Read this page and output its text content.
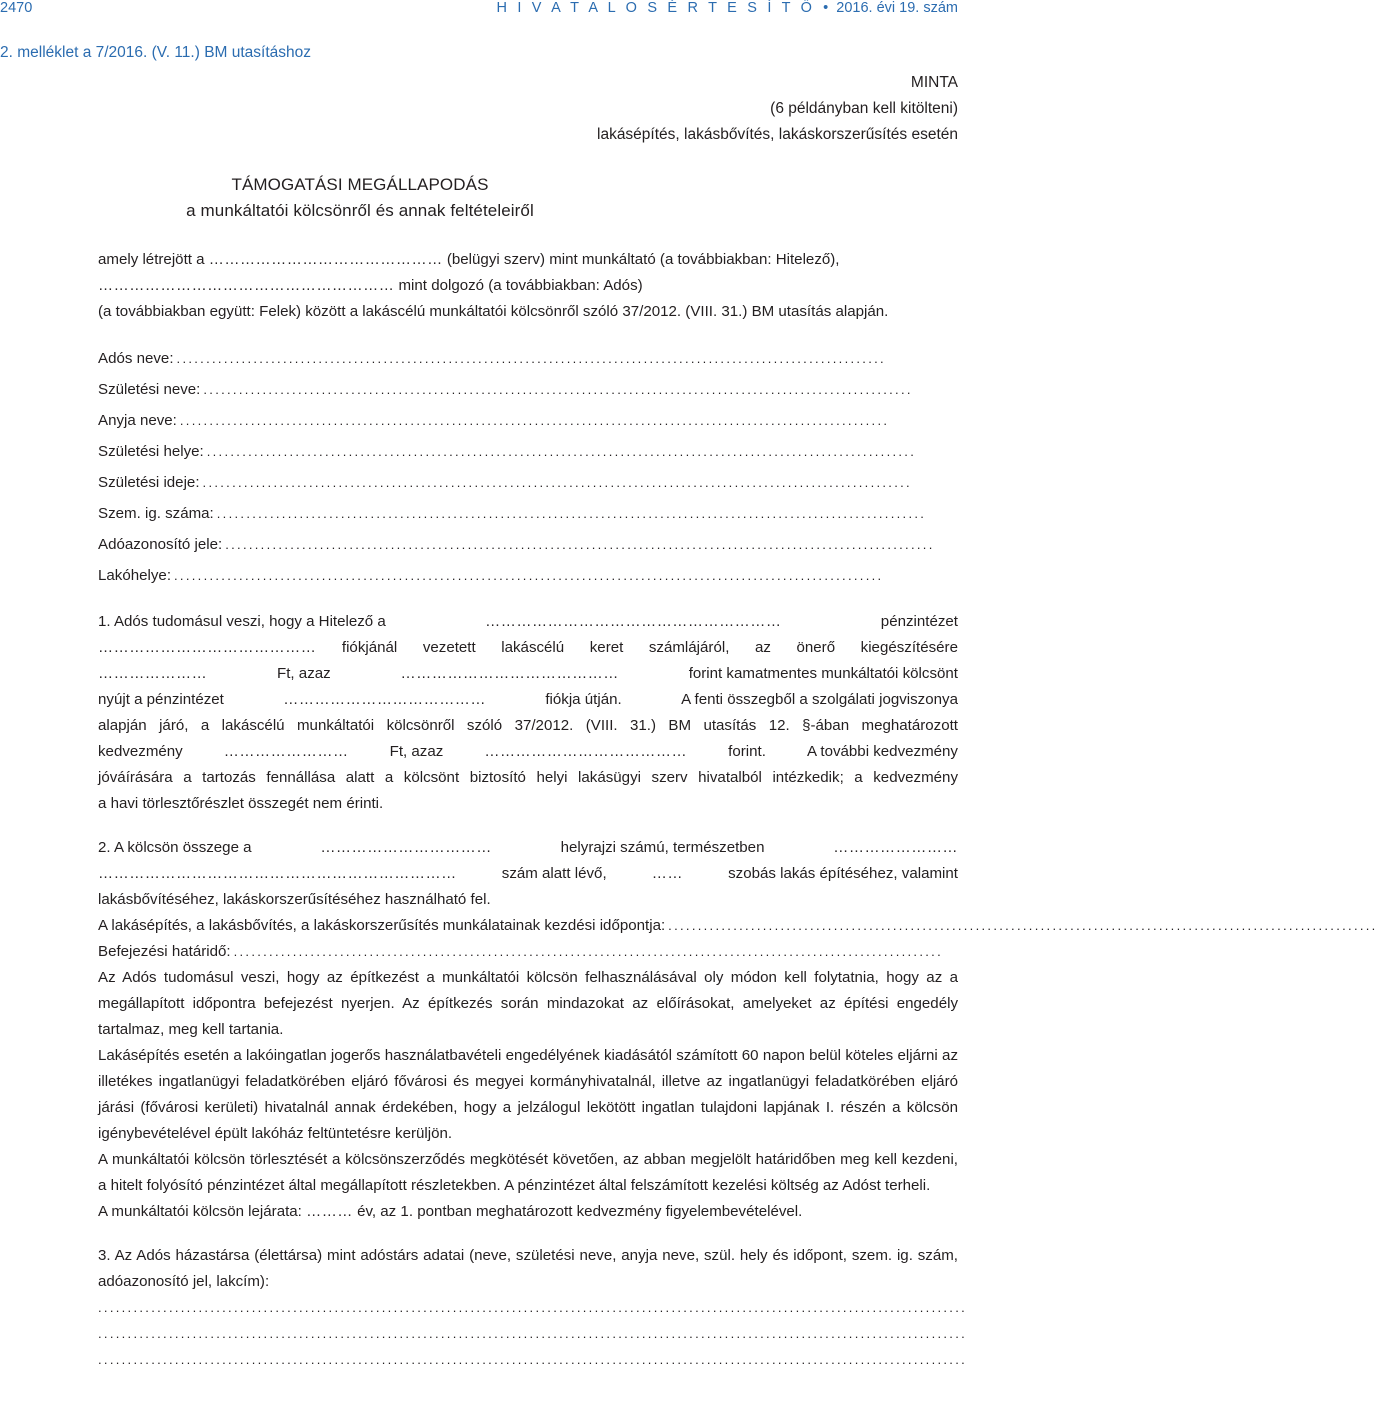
2470	H I V A T A L O S É R T E S Í T Ő • 2016. évi 19. szám
2. melléklet a 7/2016. (V. 11.) BM utasításhoz
MINTA
(6 példányban kell kitölteni)
lakásépítés, lakásbővítés, lakáskorszerűsítés esetén
TÁMOGATÁSI MEGÁLLAPODÁS
a munkáltatói kölcsönről és annak feltételeiről
amely létrejött a ……………………………………… (belügyi szerv) mint munkáltató (a továbbiakban: Hitelező),
………………………………………………… mint dolgozó (a továbbiakban: Adós)
(a továbbiakban együtt: Felek) között a lakáscélú munkáltatói kölcsönről szóló 37/2012. (VIII. 31.) BM utasítás alapján.
Adós neve: ........................................................................................................................
Születési neve: ........................................................................................................................
Anyja neve: ........................................................................................................................
Születési helye: ........................................................................................................................
Születési ideje: ........................................................................................................................
Szem. ig. száma: ........................................................................................................................
Adóazonosító jele: ........................................................................................................................
Lakóhelye: ........................................................................................................................
1. Adós tudomásul veszi, hogy a Hitelező a	…………………………………………………	pénzintézet
…………………………………… fiókjánál vezetett lakáscélú keret számlájáról, az önerő kiegészítésére
…………………	Ft, azaz	……………………………………	forint kamatmentes munkáltatói kölcsönt
nyújt a pénzintézet	…………………………………	fiókja útján.	A fenti összegből a szolgálati jogviszonya
alapján járó, a lakáscélú munkáltatói kölcsönről szóló 37/2012. (VIII. 31.) BM utasítás 12. §-ában meghatározott
kedvezmény	……………………	Ft, azaz	…………………………………	forint.	A további kedvezmény
jóváírására a tartozás fennállása alatt a kölcsönt biztosító helyi lakásügyi szerv hivatalból intézkedik; a kedvezmény
a havi törlesztőrészlet összegét nem érinti.
2. A kölcsön összege a	……………………………	helyrajzi számú, természetben	……………………
……………………………………………………………	szám alatt lévő,	……	szobás lakás építéséhez, valamint
lakásbővítéséhez, lakáskorszerűsítéséhez használható fel.
A lakásépítés, a lakásbővítés, a lakáskorszerűsítés munkálatainak kezdési időpontja: ........................................................................................................................
Befejezési határidő: ........................................................................................................................

Az Adós tudomásul veszi, hogy az építkezést a munkáltatói kölcsön felhasználásával oly módon kell folytatnia, hogy az a megállapított időpontra befejezést nyerjen. Az építkezés során mindazokat az előírásokat, amelyeket az építési engedély tartalmaz, meg kell tartania.

Lakásépítés esetén a lakóingatlan jogerős használatbavételi engedélyének kiadásától számított 60 napon belül köteles eljárni az illetékes ingatlanügyi feladatkörében eljáró fővárosi és megyei kormányhivatalnál, illetve az ingatlanügyi feladatkörében eljáró járási (fővárosi kerületi) hivatalnál annak érdekében, hogy a jelzálogul lekötött ingatlan tulajdoni lapjának I. részén a kölcsön igénybevételével épült lakóház feltüntetésre kerüljön.

A munkáltatói kölcsön törlesztését a kölcsönszerződés megkötését követően, az abban megjelölt határidőben meg kell kezdeni, a hitelt folyósító pénzintézet által megállapított részletekben. A pénzintézet által felszámított kezelési költség az Adóst terheli.

A munkáltatói kölcsön lejárata: ……… év, az 1. pontban meghatározott kedvezmény figyelembevételével.

3. Az Adós házastársa (élettársa) mint adóstárs adatai (neve, születési neve, anyja neve, szül. hely és időpont, szem. ig. szám, adóazonosító jel, lakcím):

...................................................................................................................................................
...................................................................................................................................................
...................................................................................................................................................
